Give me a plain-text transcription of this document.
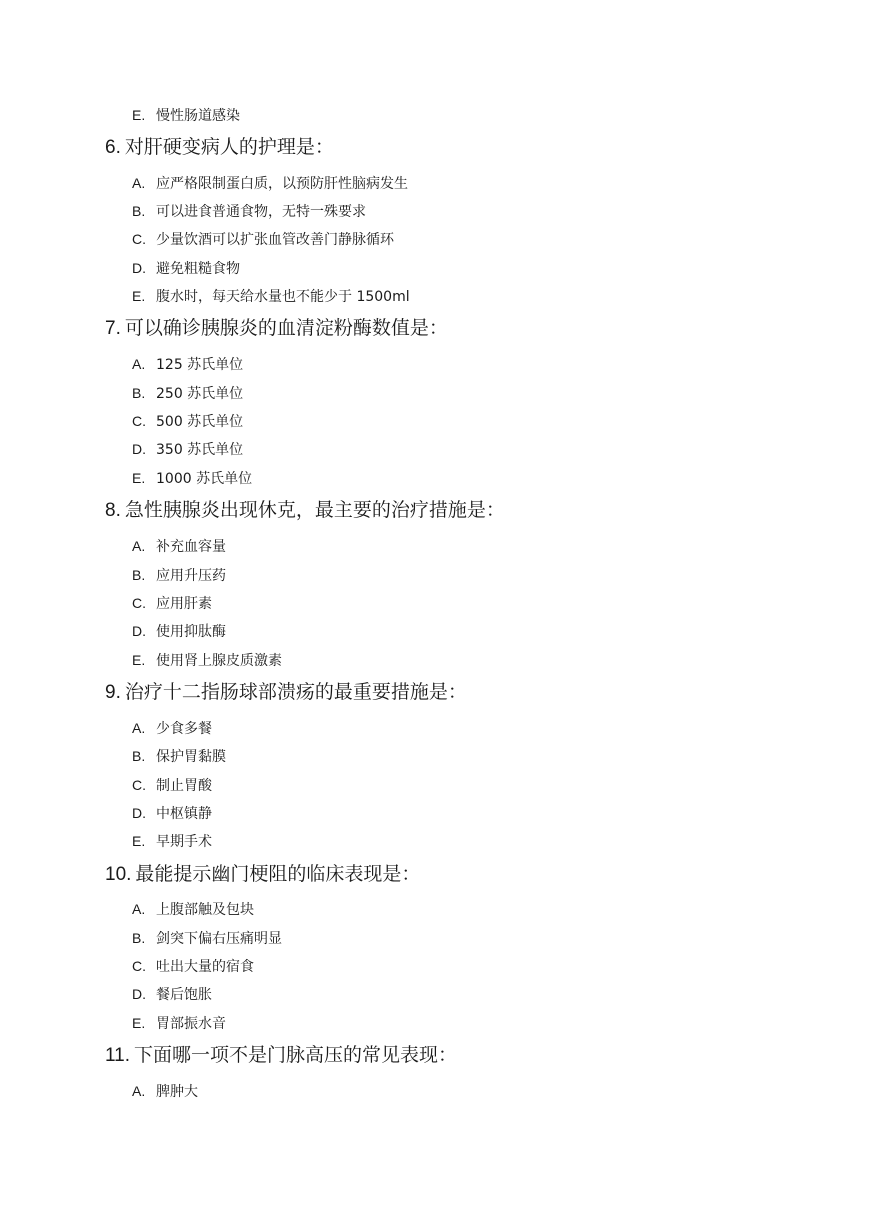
E. 慢性肠道感染
6. 对肝硬变病人的护理是：
A. 应严格限制蛋白质，以预防肝性脑病发生
B. 可以进食普通食物，无特一殊要求
C. 少量饮酒可以扩张血管改善门静脉循环
D. 避免粗糙食物
E. 腹水时，每天给水量也不能少于 1500ml
7. 可以确诊胰腺炎的血清淀粉酶数值是：
A. 125 苏氏单位
B. 250 苏氏单位
C. 500 苏氏单位
D. 350 苏氏单位
E. 1000 苏氏单位
8. 急性胰腺炎出现休克，最主要的治疗措施是：
A. 补充血容量
B. 应用升压药
C. 应用肝素
D. 使用抑肽酶
E. 使用肾上腺皮质激素
9. 治疗十二指肠球部溃疡的最重要措施是：
A. 少食多餐
B. 保护胃黏膜
C. 制止胃酸
D. 中枢镇静
E. 早期手术
10. 最能提示幽门梗阻的临床表现是：
A. 上腹部触及包块
B. 剑突下偏右压痛明显
C. 吐出大量的宿食
D. 餐后饱胀
E. 胃部振水音
11. 下面哪一项不是门脉高压的常见表现：
A. 脾肿大
